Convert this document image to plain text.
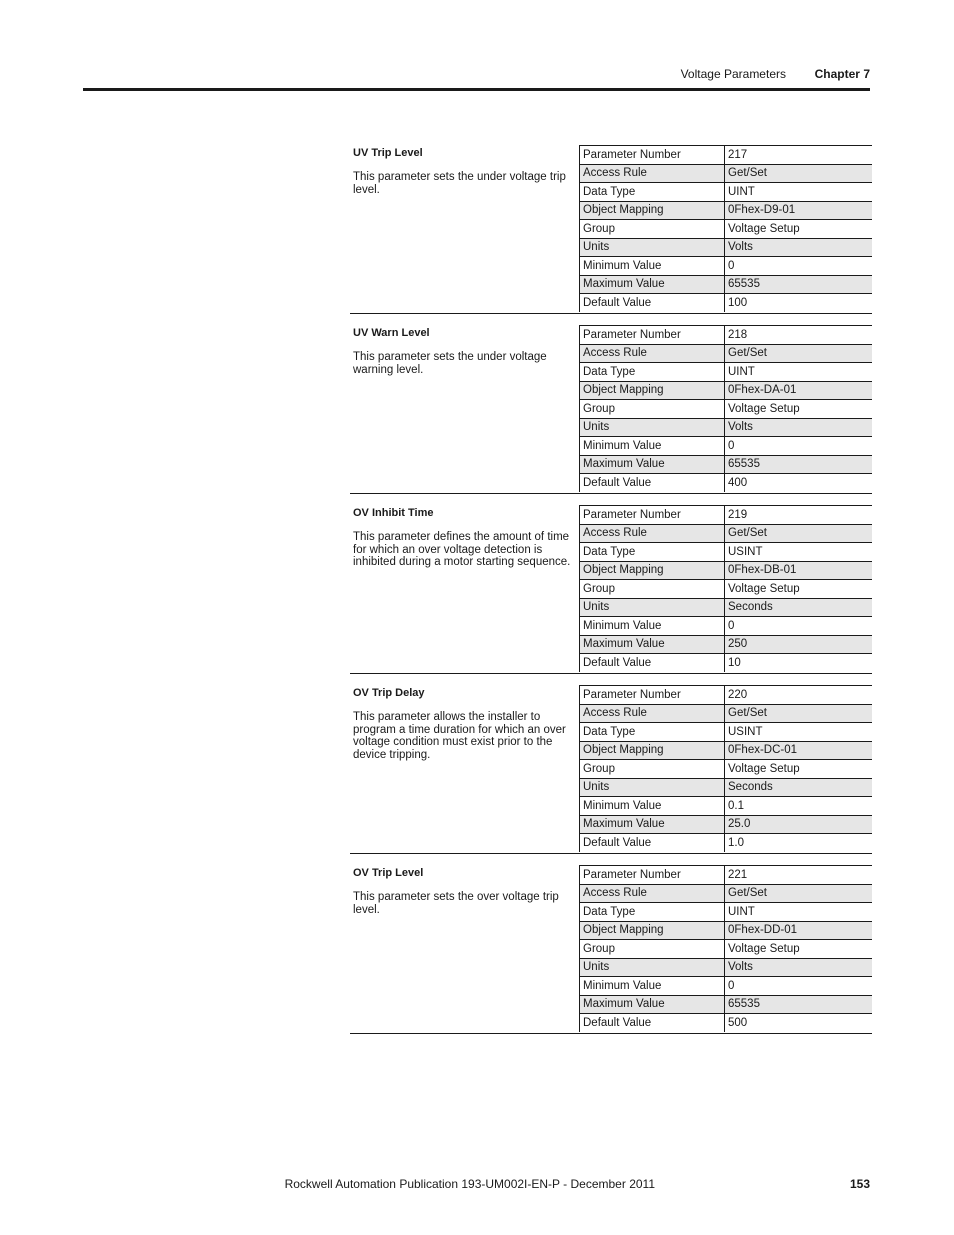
Voltage Parameters Chapter 7
UV Trip Level
This parameter sets the under voltage trip level.
Parameter Number	217
Access Rule	Get/Set
Data Type	UINT
Object Mapping	0Fhex-D9-01
Group	Voltage Setup
Units	Volts
Minimum Value	0
Maximum Value	65535
Default Value	100
UV Warn Level
This parameter sets the under voltage warning level.
Parameter Number	218
Access Rule	Get/Set
Data Type	UINT
Object Mapping	0Fhex-DA-01
Group	Voltage Setup
Units	Volts
Minimum Value	0
Maximum Value	65535
Default Value	400
OV Inhibit Time
This parameter defines the amount of time for which an over voltage detection is inhibited during a motor starting sequence.
Parameter Number	219
Access Rule	Get/Set
Data Type	USINT
Object Mapping	0Fhex-DB-01
Group	Voltage Setup
Units	Seconds
Minimum Value	0
Maximum Value	250
Default Value	10
OV Trip Delay
This parameter allows the installer to program a time duration for which an over voltage condition must exist prior to the device tripping.
Parameter Number	220
Access Rule	Get/Set
Data Type	USINT
Object Mapping	0Fhex-DC-01
Group	Voltage Setup
Units	Seconds
Minimum Value	0.1
Maximum Value	25.0
Default Value	1.0
OV Trip Level
This parameter sets the over voltage trip level.
Parameter Number	221
Access Rule	Get/Set
Data Type	UINT
Object Mapping	0Fhex-DD-01
Group	Voltage Setup
Units	Volts
Minimum Value	0
Maximum Value	65535
Default Value	500
Rockwell Automation Publication 193-UM002I-EN-P - December 2011	153
